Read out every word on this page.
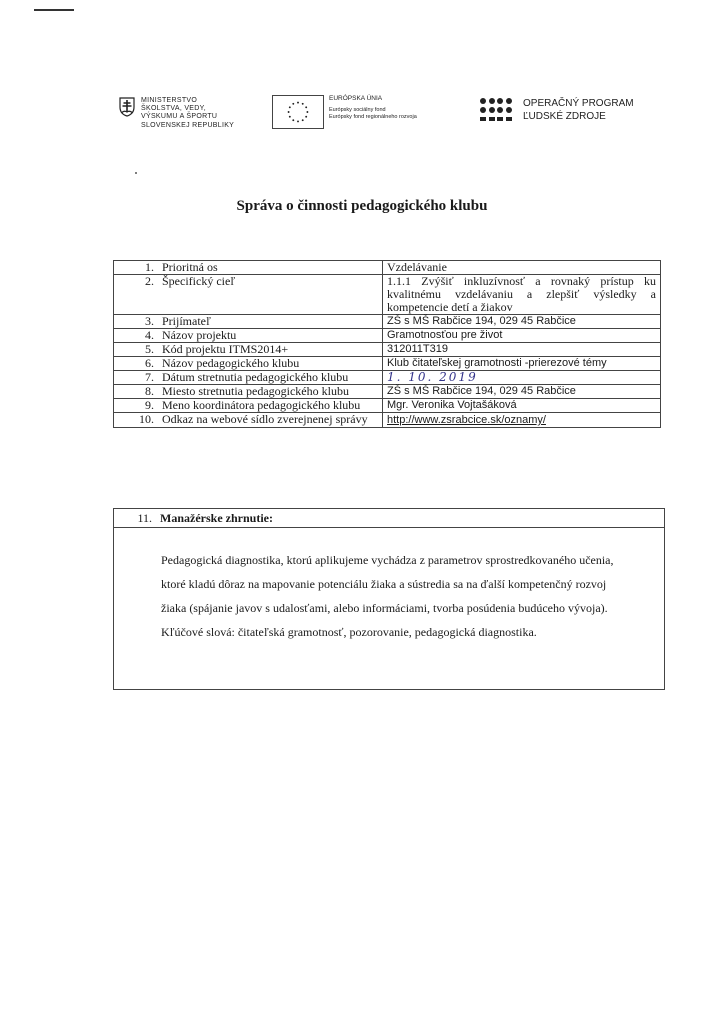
MINISTERSTVO
ŠKOLSTVA, VEDY,
VÝSKUMU A ŠPORTU
SLOVENSKEJ REPUBLIKY
EURÓPSKA ÚNIA
Európsky sociálny fond
Európsky fond regionálneho rozvoja
OPERAČNÝ PROGRAM
ĽUDSKÉ ZDROJE
Správa o činnosti pedagogického klubu
1. Prioritná os	Vzdelávanie
2. Špecifický cieľ	1.1.1 Zvýšiť inkluzívnosť a rovnaký prístup ku kvalitnému vzdelávaniu a zlepšiť výsledky a kompetencie detí a žiakov
3. Prijímateľ	ZŠ s MŠ Rabčice 194, 029 45 Rabčice
4. Názov projektu	Gramotnosťou pre život
5. Kód projektu ITMS2014+	312011T319
6. Názov pedagogického klubu	Klub čitateľskej gramotnosti -prierezové témy
7. Dátum stretnutia pedagogického klubu	1. 10. 2019
8. Miesto stretnutia pedagogického klubu	ZŠ s MŠ Rabčice 194, 029 45 Rabčice

9. Meno koordinátora pedagogického klubu	Mgr. Veronika Vojtašáková

10. Odkaz na webové sídlo zverejnenej správy	http://www.zsrabcice.sk/oznamy/
11. Manažérske zhrnutie:
Pedagogická diagnostika, ktorú aplikujeme vychádza z parametrov sprostredkovaného učenia, ktoré kladú dôraz na mapovanie potenciálu žiaka a sústredia sa na ďalší kompetenčný rozvoj žiaka (spájanie javov s udalosťami, alebo informáciami, tvorba posúdenia budúceho vývoja).
Kľúčové slová: čitateľská gramotnosť, pozorovanie, pedagogická diagnostika.
